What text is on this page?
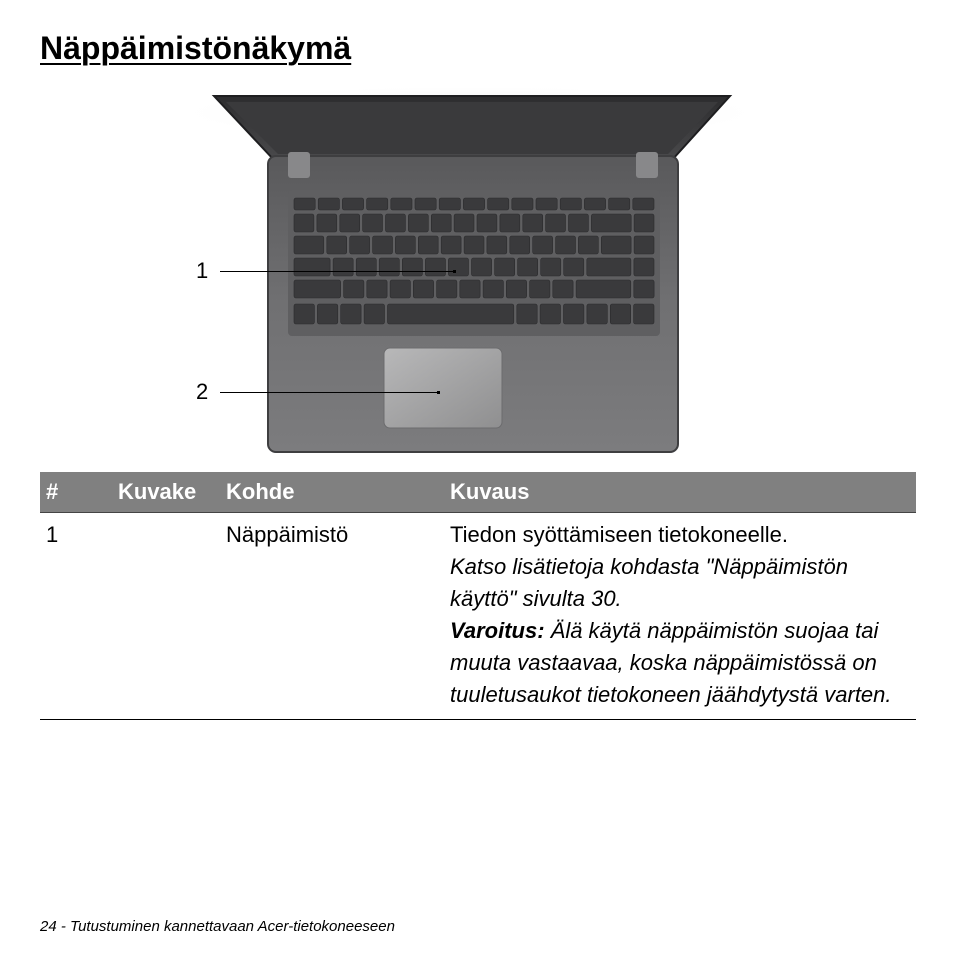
Näppäimistönäkymä
1
2
#	Kuvake	Kohde	Kuvaus
1		Näppäimistö	Tiedon syöttämiseen tietokoneelle.
Katso lisätietoja kohdasta "Näppäimistön käyttö" sivulta 30.
Varoitus: Älä käytä näppäimistön suojaa tai muuta vastaavaa, koska näppäimistössä on tuuletusaukot tietokoneen jäähdytystä varten.
24 - Tutustuminen kannettavaan Acer-tietokoneeseen
